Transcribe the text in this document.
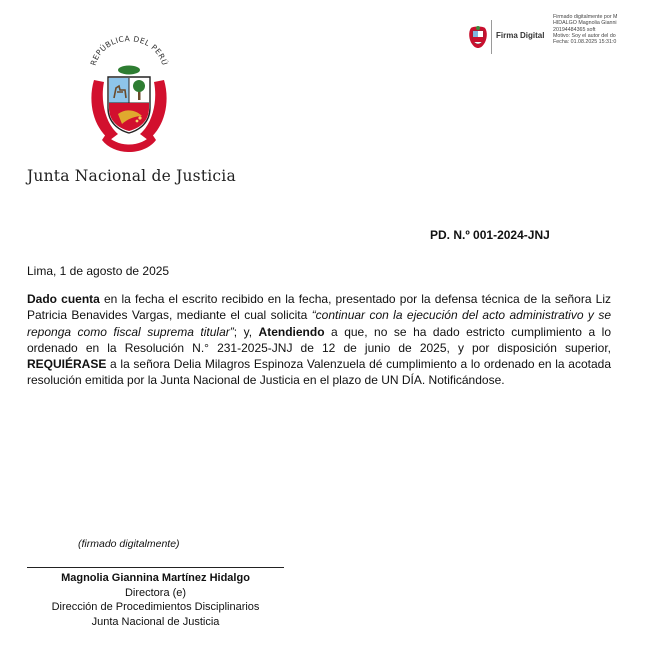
Firma Digital
Firmado digitalmente por M
HIDALGO Magnolia Gianni
20194484365 soft
Motivo: Soy el autor del do
Fecha: 01.08.2025 15:31:0
REPÚBLICA DEL PERÚ
Junta Nacional de Justicia
PD. N.º 001-2024-JNJ
Lima, 1 de agosto de 2025

Dado cuenta en la fecha el escrito recibido en la fecha, presentado por la defensa técnica de la señora Liz Patricia Benavides Vargas, mediante el cual solicita “continuar con la ejecución del acto administrativo y se reponga como fiscal suprema titular”; y, Atendiendo a que, no se ha dado estricto cumplimiento a lo ordenado en la Resolución N.° 231-2025-JNJ de 12 de junio de 2025, y por disposición superior, REQUIÉRASE a la señora Delia Milagros Espinoza Valenzuela dé cumplimiento a lo ordenado en la acotada resolución emitida por la Junta Nacional de Justicia en el plazo de UN DÍA. Notificándose.

(firmado digitalmente)
Magnolia Giannina Martínez Hidalgo
Directora (e)
Dirección de Procedimientos Disciplinarios
Junta Nacional de Justicia
